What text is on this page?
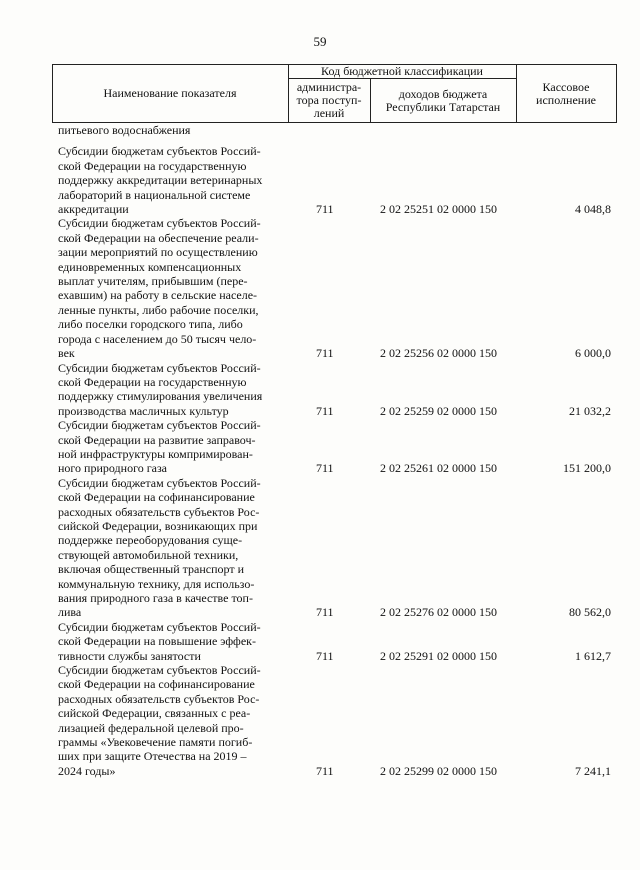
59
Наименование показателя
Код бюджетной классификации
администра-
тора поступ-
лений
доходов бюджета
Республики Татарстан
Кассовое
исполнение
питьевого водоснабжения
Субсидии бюджетам субъектов Россий-
ской Федерации на государственную
поддержку аккредитации ветеринарных
лабораторий в национальной системе
аккредитации	711	2 02 25251 02 0000 150	4 048,8
Субсидии бюджетам субъектов Россий-
ской Федерации на обеспечение реали-
зации мероприятий по осуществлению
единовременных компенсационных
выплат учителям, прибывшим (пере-
ехавшим) на работу в сельские населе-
ленные пункты, либо рабочие поселки,
либо поселки городского типа, либо
города с населением до 50 тысяч чело-
век	711	2 02 25256 02 0000 150	6 000,0
Субсидии бюджетам субъектов Россий-
ской Федерации на государственную
поддержку стимулирования увеличения
производства масличных культур	711	2 02 25259 02 0000 150	21 032,2
Субсидии бюджетам субъектов Россий-
ской Федерации на развитие заправоч-
ной инфраструктуры компримирован-
ного природного газа	711	2 02 25261 02 0000 150	151 200,0
Субсидии бюджетам субъектов Россий-
ской Федерации на софинансирование
расходных обязательств субъектов Рос-
сийской Федерации, возникающих при
поддержке переоборудования суще-
ствующей автомобильной техники,
включая общественный транспорт и
коммунальную технику, для использо-
вания природного газа в качестве топ-
лива	711	2 02 25276 02 0000 150	80 562,0
Субсидии бюджетам субъектов Россий-
ской Федерации на повышение эффек-
тивности службы занятости	711	2 02 25291 02 0000 150	1 612,7
Субсидии бюджетам субъектов Россий-
ской Федерации на софинансирование
расходных обязательств субъектов Рос-
сийской Федерации, связанных с реа-
лизацией федеральной целевой про-
граммы «Увековечение памяти погиб-
ших при защите Отечества на 2019 –
2024 годы»	711	2 02 25299 02 0000 150	7 241,1
